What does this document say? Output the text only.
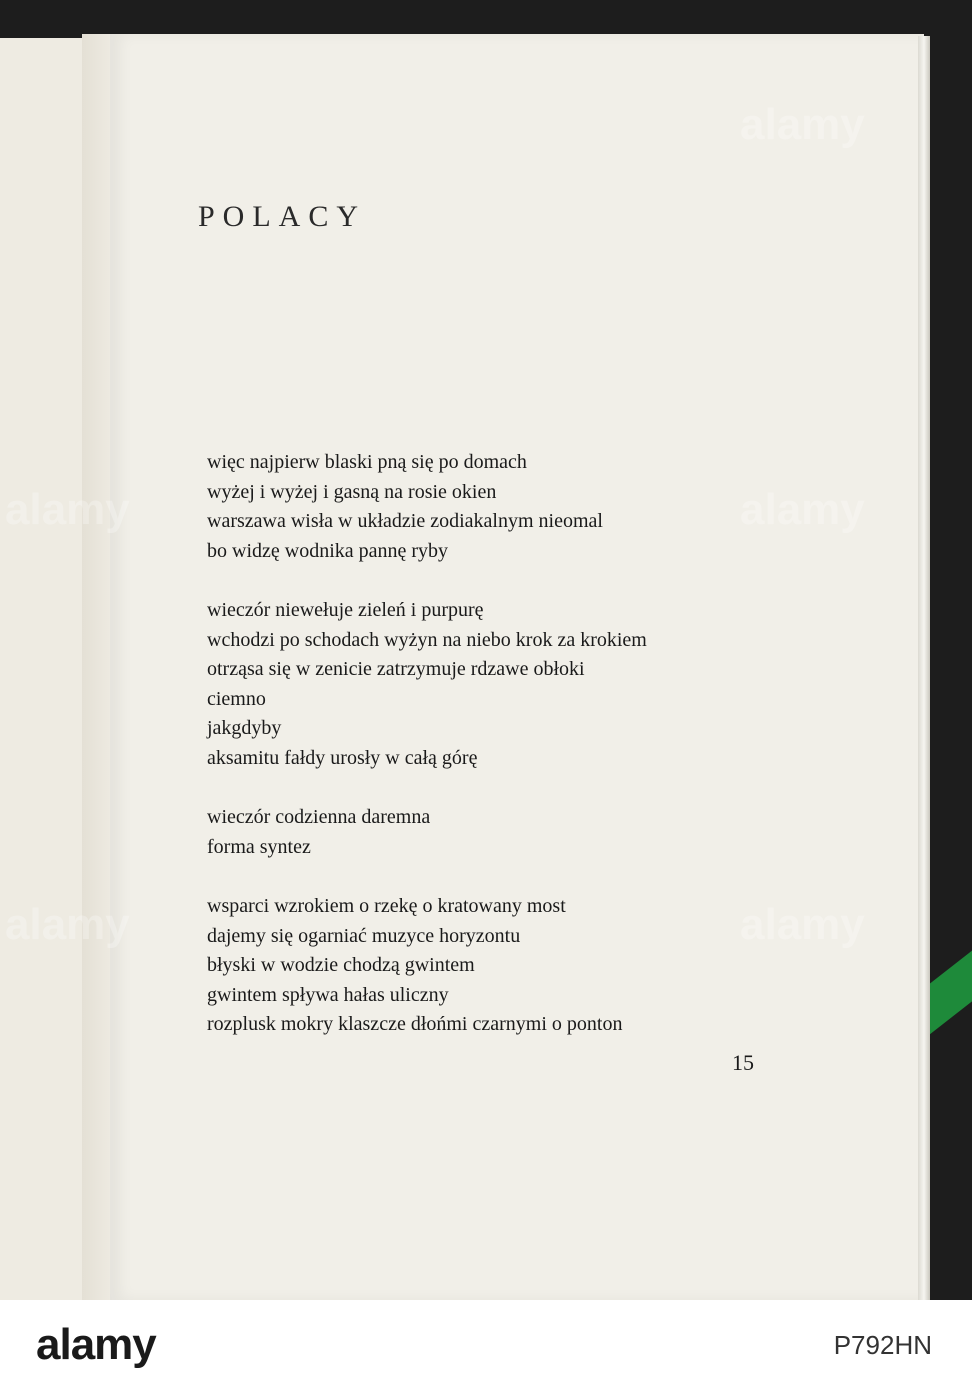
POLACY
więc najpierw blaski pną się po domach
wyżej i wyżej i gasną na rosie okien
warszawa wisła w układzie zodiakalnym nieomal
bo widzę wodnika pannę ryby
wieczór niewełuje zieleń i purpurę
wchodzi po schodach wyżyn na niebo krok za krokiem
otrząsa się w zenicie zatrzymuje rdzawe obłoki
ciemno
jakgdyby
aksamitu fałdy urosły w całą górę
wieczór codzienna daremna
forma syntez
wsparci wzrokiem o rzekę o kratowany most
dajemy się ogarniać muzyce horyzontu
błyski w wodzie chodzą gwintem
gwintem spływa hałas uliczny
rozplusk mokry klaszcze dłońmi czarnymi o ponton
15
alamy
alamy
alamy
alamy
alamy
alamy	P792HN
